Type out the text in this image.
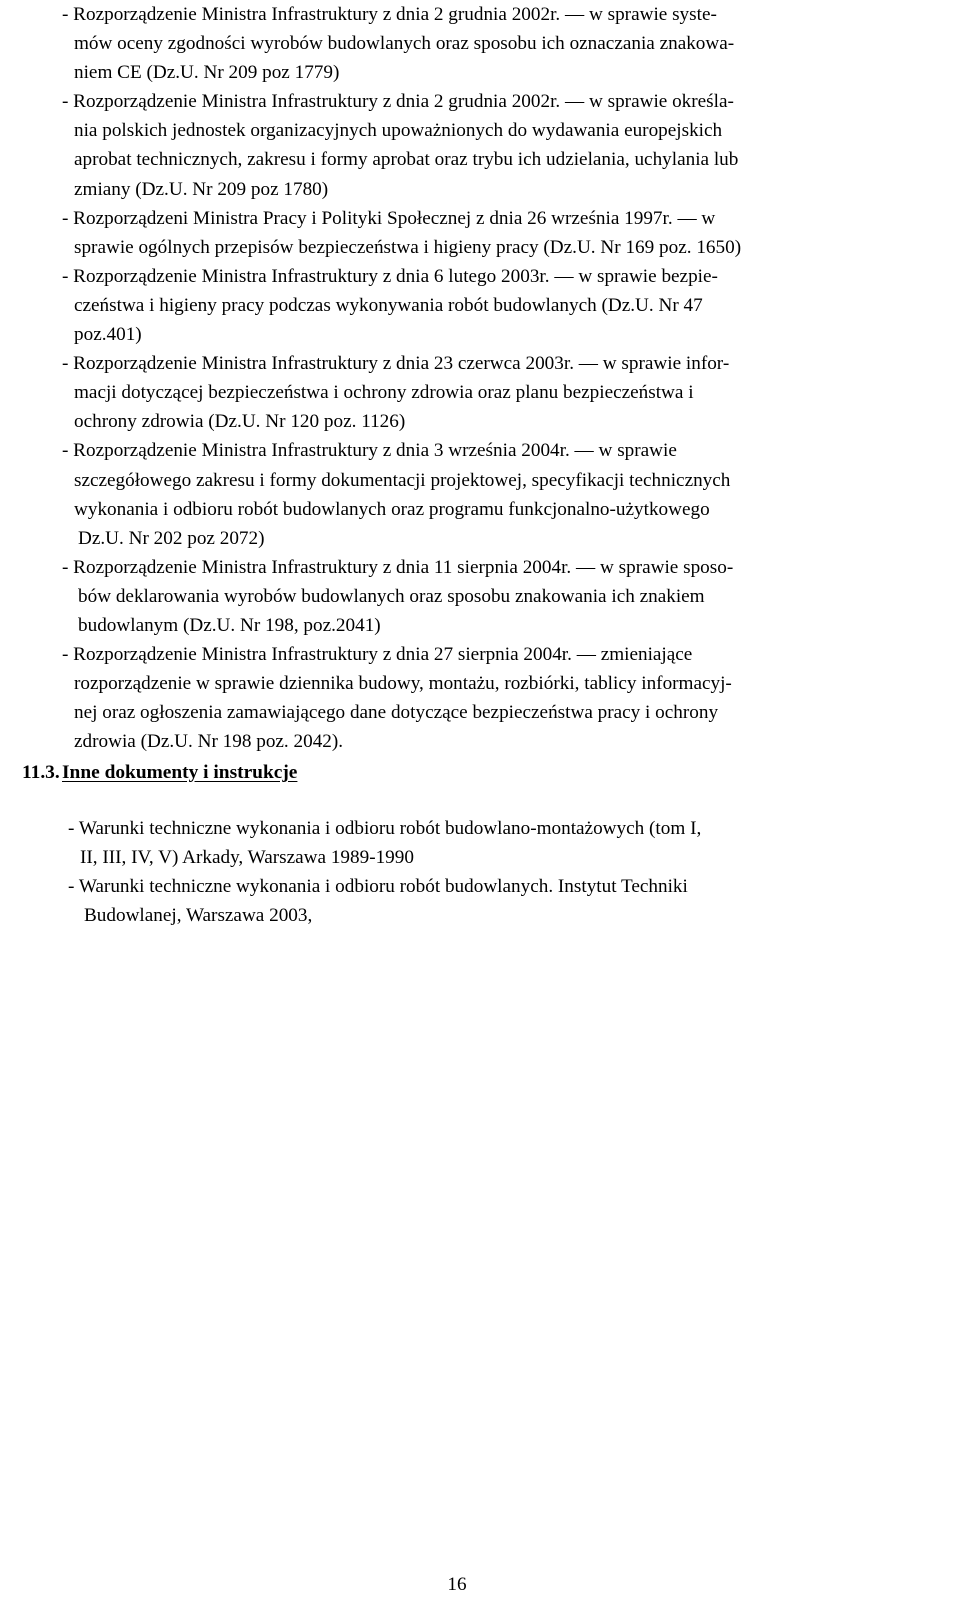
- Rozporządzenie Ministra Infrastruktury z dnia 2 grudnia 2002r. — w sprawie syste-
mów oceny zgodności wyrobów budowlanych oraz sposobu ich oznaczania znakowa-
niem CE (Dz.U. Nr 209 poz 1779)
- Rozporządzenie Ministra Infrastruktury z dnia 2 grudnia 2002r. — w sprawie określa-
nia polskich jednostek organizacyjnych upoważnionych do wydawania europejskich
aprobat technicznych, zakresu i formy aprobat oraz trybu ich udzielania, uchylania lub
zmiany (Dz.U. Nr 209 poz 1780)
- Rozporządzeni Ministra Pracy i Polityki Społecznej z dnia 26 września 1997r. — w
sprawie ogólnych przepisów bezpieczeństwa i higieny pracy (Dz.U. Nr 169 poz. 1650)
- Rozporządzenie Ministra Infrastruktury z dnia 6 lutego 2003r. — w sprawie bezpie-
czeństwa i higieny pracy podczas wykonywania robót budowlanych (Dz.U. Nr 47
poz.401)
- Rozporządzenie Ministra Infrastruktury z dnia 23 czerwca 2003r. — w sprawie infor-
macji dotyczącej bezpieczeństwa i ochrony zdrowia oraz planu bezpieczeństwa i
ochrony zdrowia (Dz.U. Nr 120 poz. 1126)
- Rozporządzenie Ministra Infrastruktury z dnia 3 września 2004r. — w sprawie
szczegółowego zakresu i formy dokumentacji projektowej, specyfikacji technicznych
wykonania i odbioru robót budowlanych oraz programu funkcjonalno-użytkowego
Dz.U. Nr 202 poz 2072)
- Rozporządzenie Ministra Infrastruktury z dnia 11 sierpnia 2004r. — w sprawie sposo-
bów deklarowania wyrobów budowlanych oraz sposobu znakowania ich znakiem
budowlanym (Dz.U. Nr 198, poz.2041)
- Rozporządzenie Ministra Infrastruktury z dnia 27 sierpnia 2004r. — zmieniające
rozporządzenie w sprawie dziennika budowy, montażu, rozbiórki, tablicy informacyj-
nej oraz ogłoszenia zamawiającego dane dotyczące bezpieczeństwa pracy i ochrony
zdrowia (Dz.U. Nr 198 poz. 2042).
11.3. Inne dokumenty i instrukcje
- Warunki techniczne wykonania i odbioru robót budowlano-montażowych (tom I,
II, III, IV, V) Arkady, Warszawa 1989-1990
- Warunki techniczne wykonania i odbioru robót budowlanych. Instytut Techniki
Budowlanej, Warszawa 2003,
16
